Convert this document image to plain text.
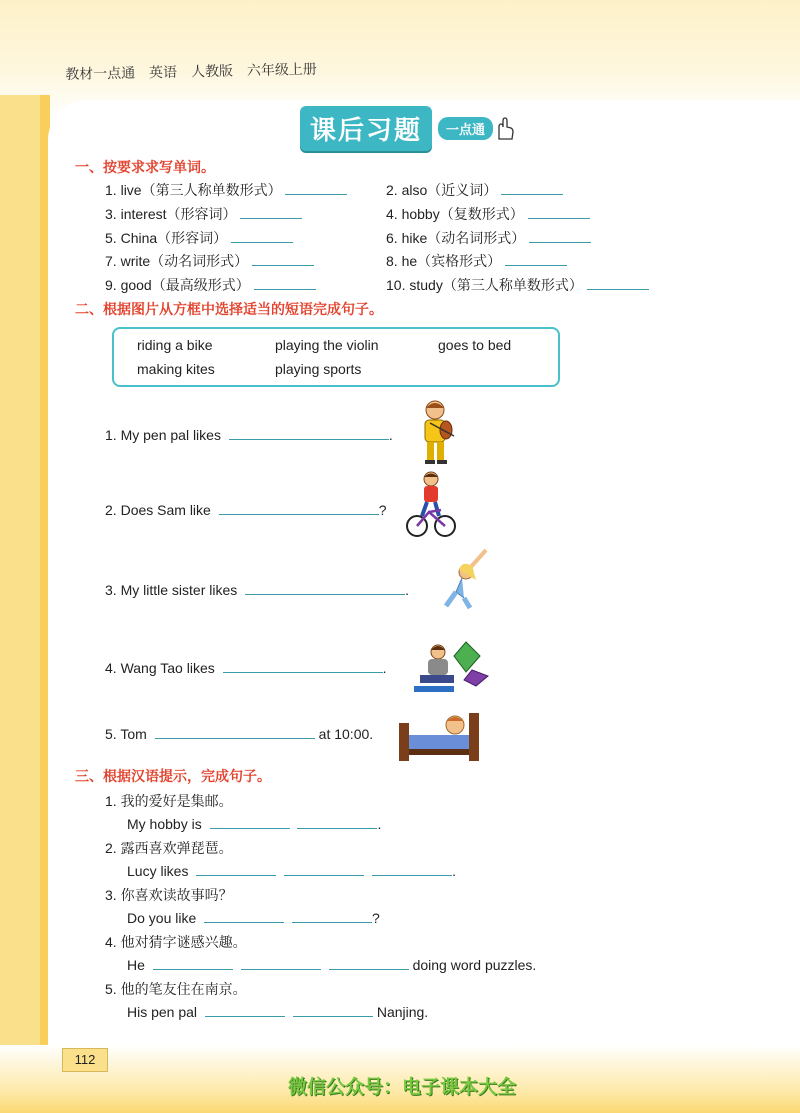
教材一点通 英语 人教版 六年级上册
课后习题	一点通
一、按要求求写单词。
1. live（第三人称单数形式）	2. also（近义词）
3. interest（形容词）	4. hobby（复数形式）
5. China（形容词）	6. hike（动名词形式）
7. write（动名词形式）	8. he（宾格形式）
9. good（最高级形式）	10. study（第三人称单数形式）
二、根据图片从方框中选择适当的短语完成句子。
riding a bike	playing the violin	goes to bed
making kites	playing sports
1. My pen pal likes	.
2. Does Sam like	?
3. My little sister likes	.
4. Wang Tao likes	.
5. Tom	at 10:00.
三、根据汉语提示，完成句子。
1. 我的爱好是集邮。
My hobby is	.
2. 露西喜欢弹琵琶。
Lucy likes	.
3. 你喜欢读故事吗？
Do you like	?
4. 他对猜字谜感兴趣。
He	doing word puzzles.
5. 他的笔友住在南京。
His pen pal	Nanjing.
112
微信公众号：电子课本大全
